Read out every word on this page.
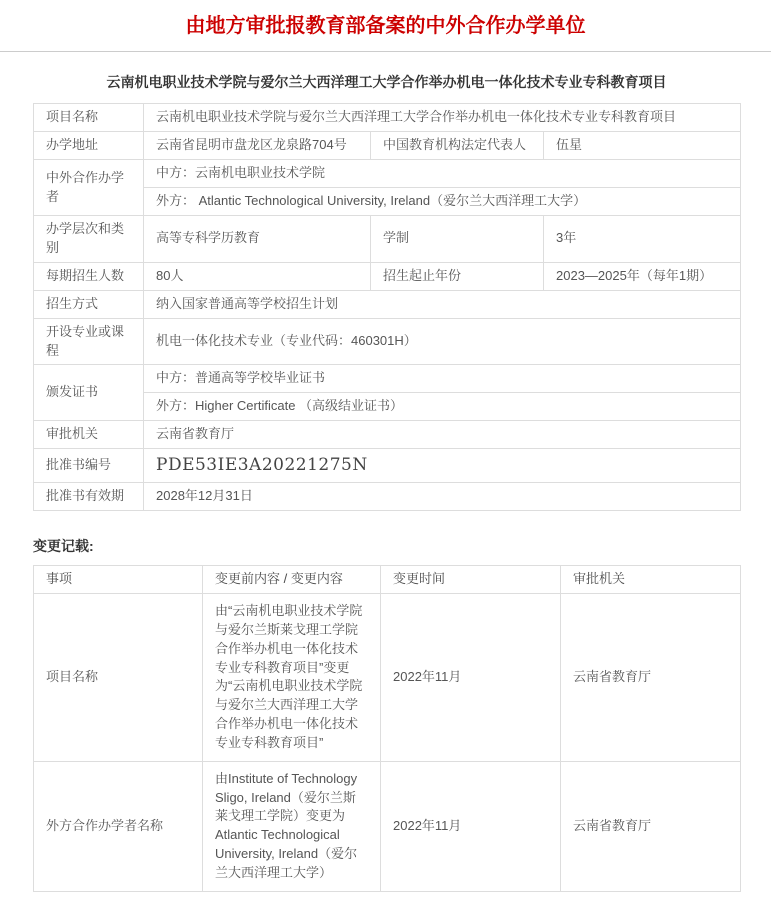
由地方审批报教育部备案的中外合作办学单位
云南机电职业技术学院与爱尔兰大西洋理工大学合作举办机电一体化技术专业专科教育项目
项目名称	云南机电职业技术学院与爱尔兰大西洋理工大学合作举办机电一体化技术专业专科教育项目		
办学地址	云南省昆明市盘龙区龙泉路704号	中国教育机构法定代表人	伍星
中外合作办学者	中方：云南机电职业技术学院		
	外方： Atlantic Technological University, Ireland（爱尔兰大西洋理工大学）		
办学层次和类别	高等专科学历教育	学制	3年
每期招生人数	80人	招生起止年份	2023—2025年（每年1期）
招生方式	纳入国家普通高等学校招生计划		
开设专业或课程	机电一体化技术专业（专业代码：460301H）		
颁发证书	中方：普通高等学校毕业证书		
	外方：Higher Certificate （高级结业证书）		
审批机关	云南省教育厅		
批准书编号	PDE53IE3A20221275N		
批准书有效期	2028年12月31日		
变更记载:
事项	变更前内容 / 变更内容	变更时间	审批机关
项目名称	由“云南机电职业技术学院与爱尔兰斯莱戈理工学院合作举办机电一体化技术专业专科教育项目”变更为“云南机电职业技术学院与爱尔兰大西洋理工大学合作举办机电一体化技术专业专科教育项目”	2022年11月	云南省教育厅
外方合作办学者名称	由Institute of Technology Sligo, Ireland（爱尔兰斯莱戈理工学院）变更为Atlantic Technological University, Ireland（爱尔兰大西洋理工大学）	2022年11月	云南省教育厅
